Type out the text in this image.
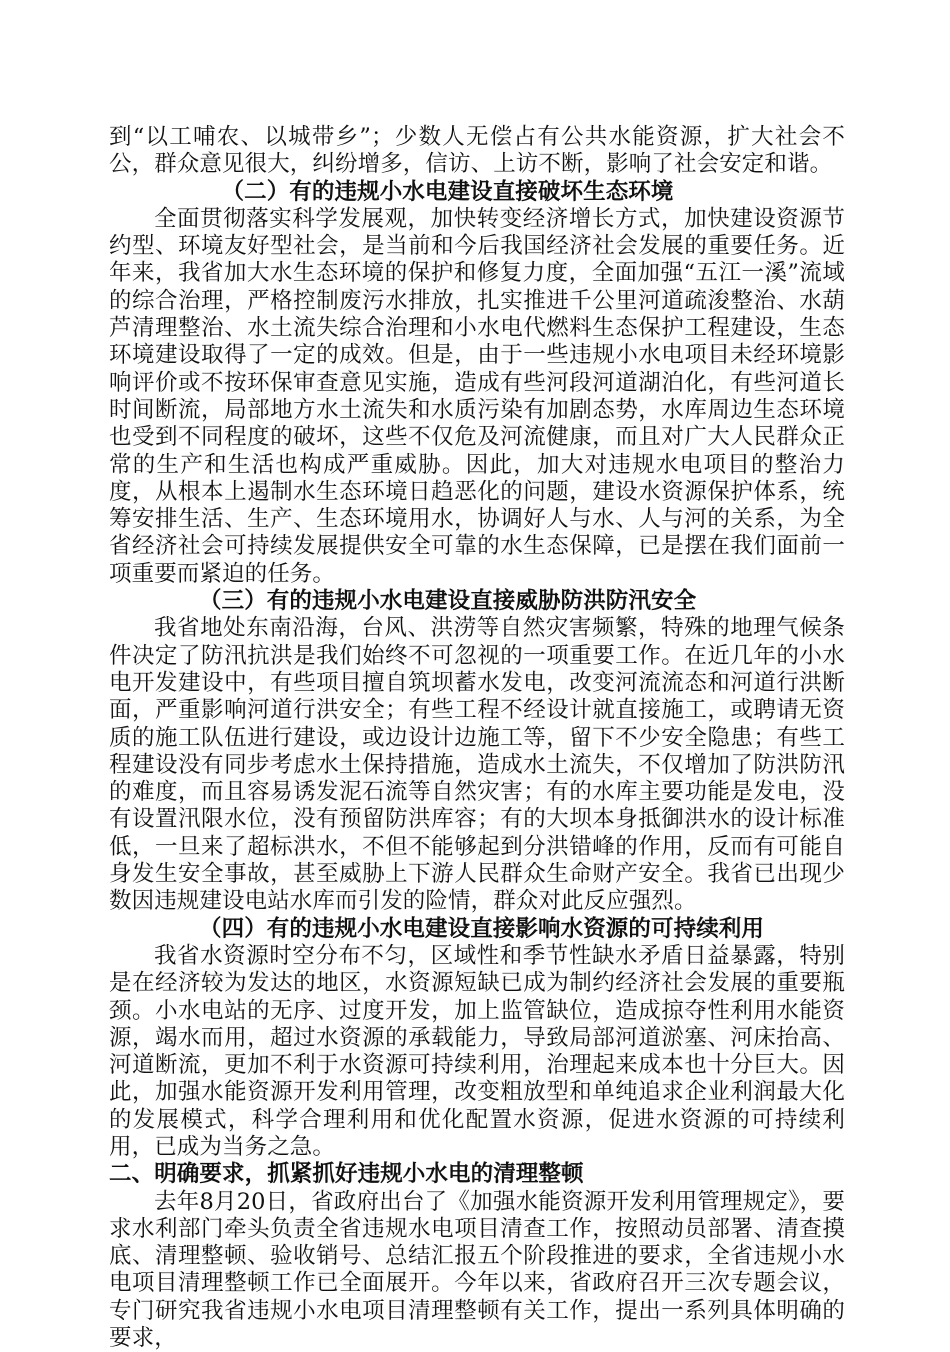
到“以工哺农、以城带乡”；少数人无偿占有公共水能资源，扩大社会不公，群众意见很大，纠纷增多，信访、上访不断，影响了社会安定和谐。

（二）有的违规小水电建设直接破坏生态环境

全面贯彻落实科学发展观，加快转变经济增长方式，加快建设资源节约型、环境友好型社会，是当前和今后我国经济社会发展的重要任务。近年来，我省加大水生态环境的保护和修复力度，全面加强“五江一溪”流域的综合治理，严格控制废污水排放，扎实推进千公里河道疏浚整治、水葫芦清理整治、水土流失综合治理和小水电代燃料生态保护工程建设，生态环境建设取得了一定的成效。但是，由于一些违规小水电项目未经环境影响评价或不按环保审查意见实施，造成有些河段河道湖泊化，有些河道长时间断流，局部地方水土流失和水质污染有加剧态势，水库周边生态环境也受到不同程度的破坏，这些不仅危及河流健康，而且对广大人民群众正常的生产和生活也构成严重威胁。因此，加大对违规水电项目的整治力度，从根本上遏制水生态环境日趋恶化的问题，建设水资源保护体系，统筹安排生活、生产、生态环境用水，协调好人与水、人与河的关系，为全省经济社会可持续发展提供安全可靠的水生态保障，已是摆在我们面前一项重要而紧迫的任务。

（三）有的违规小水电建设直接威胁防洪防汛安全

我省地处东南沿海，台风、洪涝等自然灾害频繁，特殊的地理气候条件决定了防汛抗洪是我们始终不可忽视的一项重要工作。在近几年的小水电开发建设中，有些项目擅自筑坝蓄水发电，改变河流流态和河道行洪断面，严重影响河道行洪安全；有些工程不经设计就直接施工，或聘请无资质的施工队伍进行建设，或边设计边施工等，留下不少安全隐患；有些工程建设没有同步考虑水土保持措施，造成水土流失，不仅增加了防洪防汛的难度，而且容易诱发泥石流等自然灾害；有的水库主要功能是发电，没有设置汛限水位，没有预留防洪库容；有的大坝本身抵御洪水的设计标准低，一旦来了超标洪水，不但不能够起到分洪错峰的作用，反而有可能自身发生安全事故，甚至威胁上下游人民群众生命财产安全。我省已出现少数因违规建设电站水库而引发的险情，群众对此反应强烈。

（四）有的违规小水电建设直接影响水资源的可持续利用

我省水资源时空分布不匀，区域性和季节性缺水矛盾日益暴露，特别是在经济较为发达的地区，水资源短缺已成为制约经济社会发展的重要瓶颈。小水电站的无序、过度开发，加上监管缺位，造成掠夺性利用水能资源，竭水而用，超过水资源的承载能力，导致局部河道淤塞、河床抬高、河道断流，更加不利于水资源可持续利用，治理起来成本也十分巨大。因此，加强水能资源开发利用管理，改变粗放型和单纯追求企业利润最大化的发展模式，科学合理利用和优化配置水资源，促进水资源的可持续利用，已成为当务之急。

二、明确要求，抓紧抓好违规小水电的清理整顿

去年8月20日，省政府出台了《加强水能资源开发利用管理规定》，要求水利部门牵头负责全省违规水电项目清查工作，按照动员部署、清查摸底、清理整顿、验收销号、总结汇报五个阶段推进的要求，全省违规小水电项目清理整顿工作已全面展开。今年以来，省政府召开三次专题会议，专门研究我省违规小水电项目清理整顿有关工作，提出一系列具体明确的要求，
